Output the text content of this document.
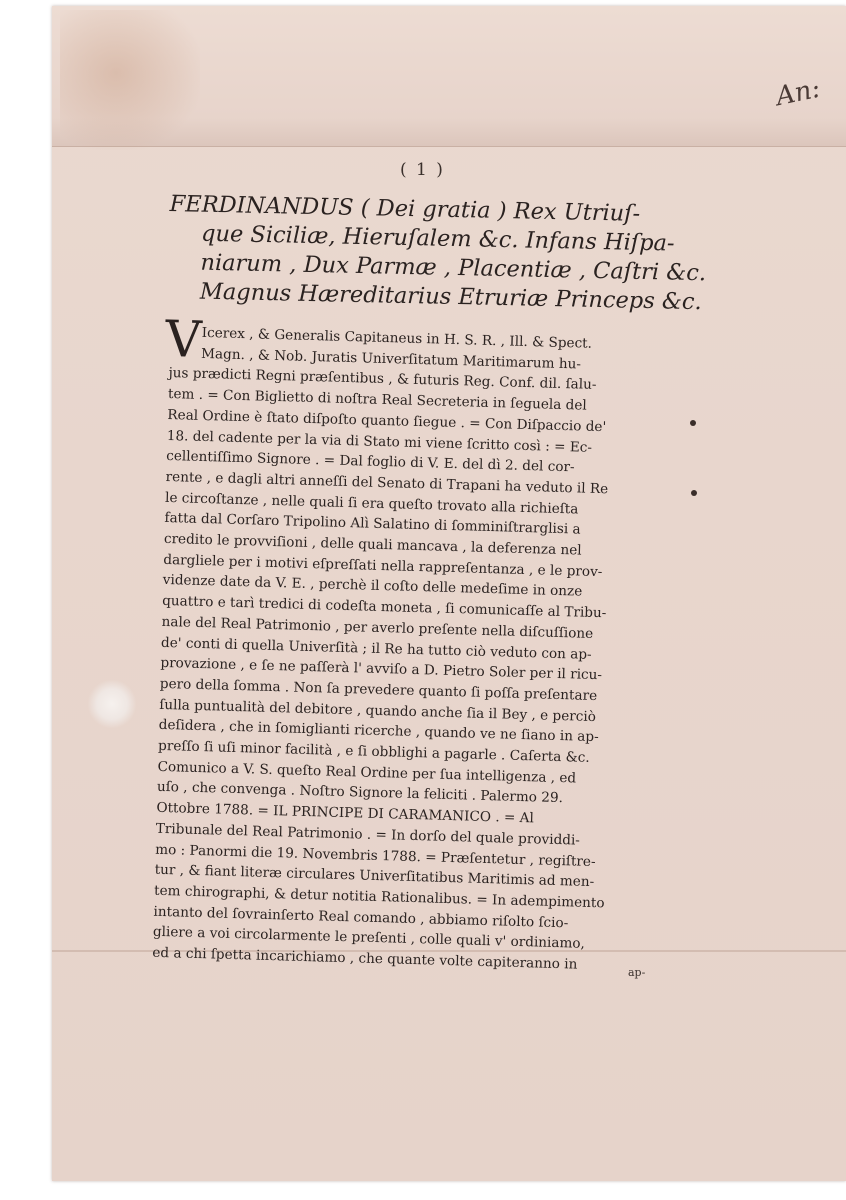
An:
( 1 )
FERDINANDUS ( Dei gratia ) Rex Utriuſ-
que Siciliæ, Hieruſalem &c. Infans Hiſpa-
niarum , Dux Parmæ , Placentiæ , Caſtri &c.
Magnus Hæreditarius Etruriæ Princeps &c.
V Icerex , & Generalis Capitaneus in H. S. R. , Ill. & Spect.
Magn. , & Nob. Juratis Univerſitatum Maritimarum hu-
jus prædicti Regni præſentibus , & futuris Reg. Conf. dil. ſalu-
tem . = Con Biglietto di noſtra Real Secreteria in ſeguela del
Real Ordine è ſtato diſpoſto quanto ſiegue . = Con Diſpaccio de'
18. del cadente per la via di Stato mi viene ſcritto così : = Ec-
cellentiſſimo Signore . = Dal foglio di V. E. del dì 2. del cor-
rente , e dagli altri anneſſi del Senato di Trapani ha veduto il Re
le circoſtanze , nelle quali ſi era queſto trovato alla richieſta
fatta dal Corſaro Tripolino Alì Salatino di ſomminiſtrarglisi a
credito le provviſioni , delle quali mancava , la deferenza nel
dargliele per i motivi eſpreſſati nella rappreſentanza , e le prov-
videnze date da V. E. , perchè il coſto delle medeſime in onze
quattro e tarì tredici di codeſta moneta , ſi comunicaſſe al Tribu-
nale del Real Patrimonio , per averlo preſente nella diſcuſſione
de' conti di quella Univerſità ; il Re ha tutto ciò veduto con ap-
provazione , e ſe ne paſſerà l' avviſo a D. Pietro Soler per il ricu-
pero della ſomma . Non ſa prevedere quanto ſi poſſa preſentare
ſulla puntualità del debitore , quando anche ſia il Bey , e perciò
deſidera , che in ſomiglianti ricerche , quando ve ne ſiano in ap-
preſſo ſi uſi minor facilità , e ſi obblighi a pagarle . Caſerta &c.
Comunico a V. S. queſto Real Ordine per ſua intelligenza , ed
uſo , che convenga . Noſtro Signore la feliciti . Palermo 29.
Ottobre 1788. = IL PRINCIPE DI CARAMANICO . = Al
Tribunale del Real Patrimonio . = In dorſo del quale providdi-
mo : Panormi die 19. Novembris 1788. = Præſentetur , regiſtre-
tur , & fiant literæ circulares Univerſitatibus Maritimis ad men-
tem chirographi, & detur notitia Rationalibus. = In adempimento
intanto del ſovrainſerto Real comando , abbiamo riſolto ſcio-
gliere a voi circolarmente le preſenti , colle quali v' ordiniamo,
ed a chi ſpetta incarichiamo , che quante volte capiteranno in	ap-
